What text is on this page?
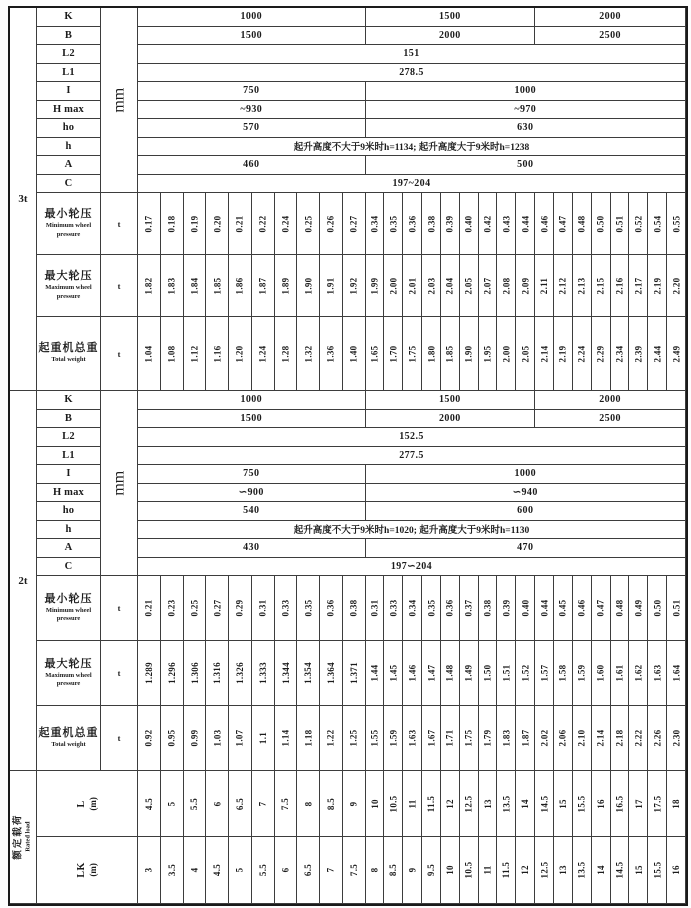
3t
mm
K	1000	1500	2000
B	1500	2000	2500
L2	151
L1	278.5
I	750	1000
H max	~930	~970
ho	570	630
h	起升高度不大于9米时h=1134; 起升高度大于9米时h=1238
A	460	500
C	197~204
最小轮压
Minimum wheel pressure
t	0.17 0.18 0.19 0.20 0.21 0.22 0.24 0.25 0.26 0.27 0.34 0.35 0.36 0.38 0.39 0.40 0.42 0.43 0.44 0.46 0.47 0.48 0.50 0.51 0.52 0.54 0.55
最大轮压
Maximum wheel pressure
t	1.82 1.83 1.84 1.85 1.86 1.87 1.89 1.90 1.91 1.92 1.99 2.00 2.01 2.03 2.04 2.05 2.07 2.08 2.09 2.11 2.12 2.13 2.15 2.16 2.17 2.19 2.20
起重机总重
Total weight
t	1.04 1.08 1.12 1.16 1.20 1.24 1.28 1.32 1.36 1.40 1.65 1.70 1.75 1.80 1.85 1.90 1.95 2.00 2.05 2.14 2.19 2.24 2.29 2.34 2.39 2.44 2.49
2t
mm
K	1000	1500	2000
B	1500	2000	2500
L2	152.5
L1	277.5
I	750	1000
H max	∽900	∽940
ho	540	600
h	起升高度不大于9米时h=1020; 起升高度大于9米时h=1130
A	430	470
C	197∽204
最小轮压
Minimum wheel pressure
t	0.21 0.23 0.25 0.27 0.29 0.31 0.33 0.35 0.36 0.38 0.31 0.33 0.34 0.35 0.36 0.37 0.38 0.39 0.40 0.44 0.45 0.46 0.47 0.48 0.49 0.50 0.51
最大轮压
Maximum wheel pressure
t	1.289 1.296 1.306 1.316 1.326 1.333 1.344 1.354 1.364 1.371 1.44 1.45 1.46 1.47 1.48 1.49 1.50 1.51 1.52 1.57 1.58 1.59 1.60 1.61 1.62 1.63 1.64
起重机总重
Total weight
t	0.92 0.95 0.99 1.03 1.07 1.1 1.14 1.18 1.22 1.25 1.55 1.59 1.63 1.67 1.71 1.75 1.79 1.83 1.87 2.02 2.06 2.10 2.14 2.18 2.22 2.26 2.30
额定载荷 Rated load
L (m)	4.5 5 5.5 6 6.5 7 7.5 8 8.5 9 10 10.5 11 11.5 12 12.5 13 13.5 14 14.5 15 15.5 16 16.5 17 17.5 18
LK (m)	3 3.5 4 4.5 5 5.5 6 6.5 7 7.5 8 8.5 9 9.5 10 10.5 11 11.5 12 12.5 13 13.5 14 14.5 15 15.5 16
